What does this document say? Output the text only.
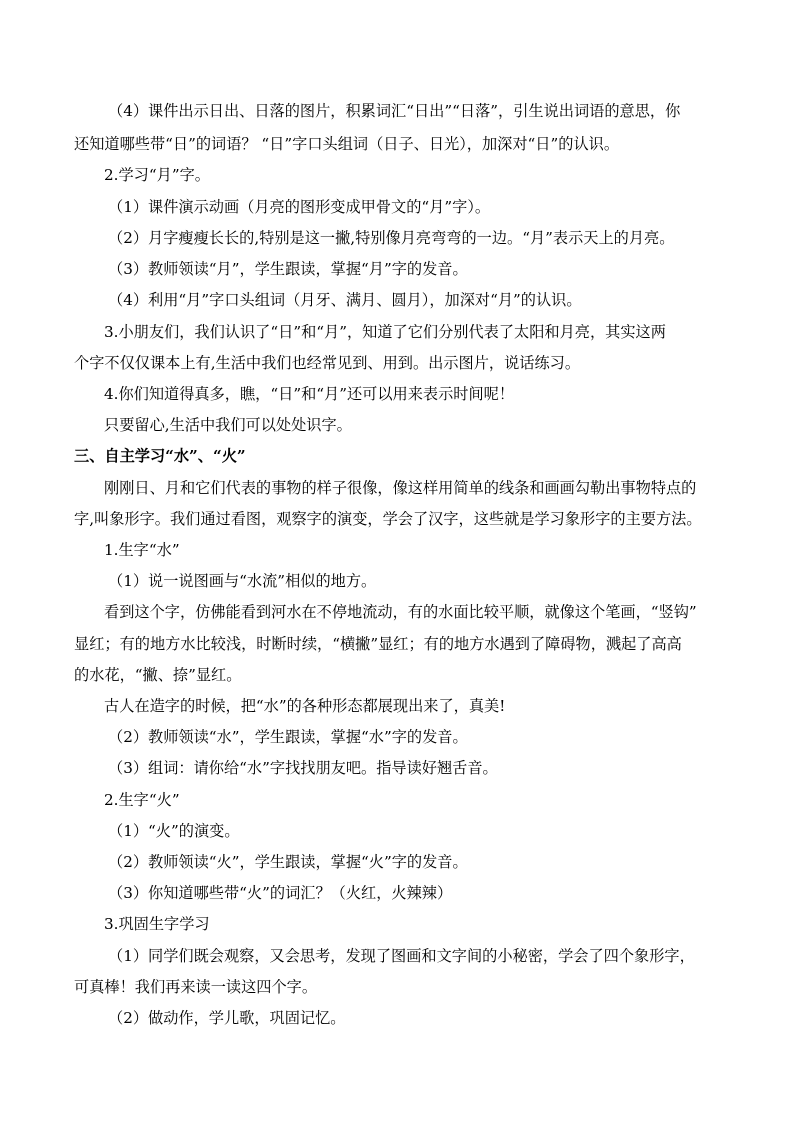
（4）课件出示日出、日落的图片，积累词汇“日出”“日落”，引生说出词语的意思，你
还知道哪些带“日”的词语？ “日”字口头组词（日子、日光），加深对“日”的认识。
2.学习“月”字。
（1）课件演示动画（月亮的图形变成甲骨文的“月”字）。
（2）月字瘦瘦长长的,特别是这一撇,特别像月亮弯弯的一边。“月”表示天上的月亮。
（3）教师领读“月”，学生跟读，掌握“月”字的发音。
（4）利用“月”字口头组词（月牙、满月、圆月），加深对“月”的认识。
3.小朋友们，我们认识了“日”和“月”，知道了它们分别代表了太阳和月亮，其实这两
个字不仅仅课本上有,生活中我们也经常见到、用到。出示图片，说话练习。
4.你们知道得真多，瞧，“日”和“月”还可以用来表示时间呢！
只要留心,生活中我们可以处处识字。
三、自主学习“水”、“火”
刚刚日、月和它们代表的事物的样子很像，像这样用简单的线条和画画勾勒出事物特点的
字,叫象形字。我们通过看图，观察字的演变，学会了汉字，这些就是学习象形字的主要方法。
1.生字“水”
（1）说一说图画与“水流”相似的地方。
看到这个字，仿佛能看到河水在不停地流动，有的水面比较平顺，就像这个笔画，“竖钩”
显红；有的地方水比较浅，时断时续，“横撇”显红；有的地方水遇到了障碍物，溅起了高高
的水花，“撇、捺”显红。
古人在造字的时候，把“水”的各种形态都展现出来了，真美!
（2）教师领读“水”，学生跟读，掌握“水”字的发音。
（3）组词：请你给“水”字找找朋友吧。指导读好翘舌音。
2.生字“火”
（1）“火”的演变。
（2）教师领读“火”，学生跟读，掌握“火”字的发音。
（3）你知道哪些带“火”的词汇？（火红，火辣辣）
3.巩固生字学习
（1）同学们既会观察，又会思考，发现了图画和文字间的小秘密，学会了四个象形字，
可真棒！我们再来读一读这四个字。
（2）做动作，学儿歌，巩固记忆。
